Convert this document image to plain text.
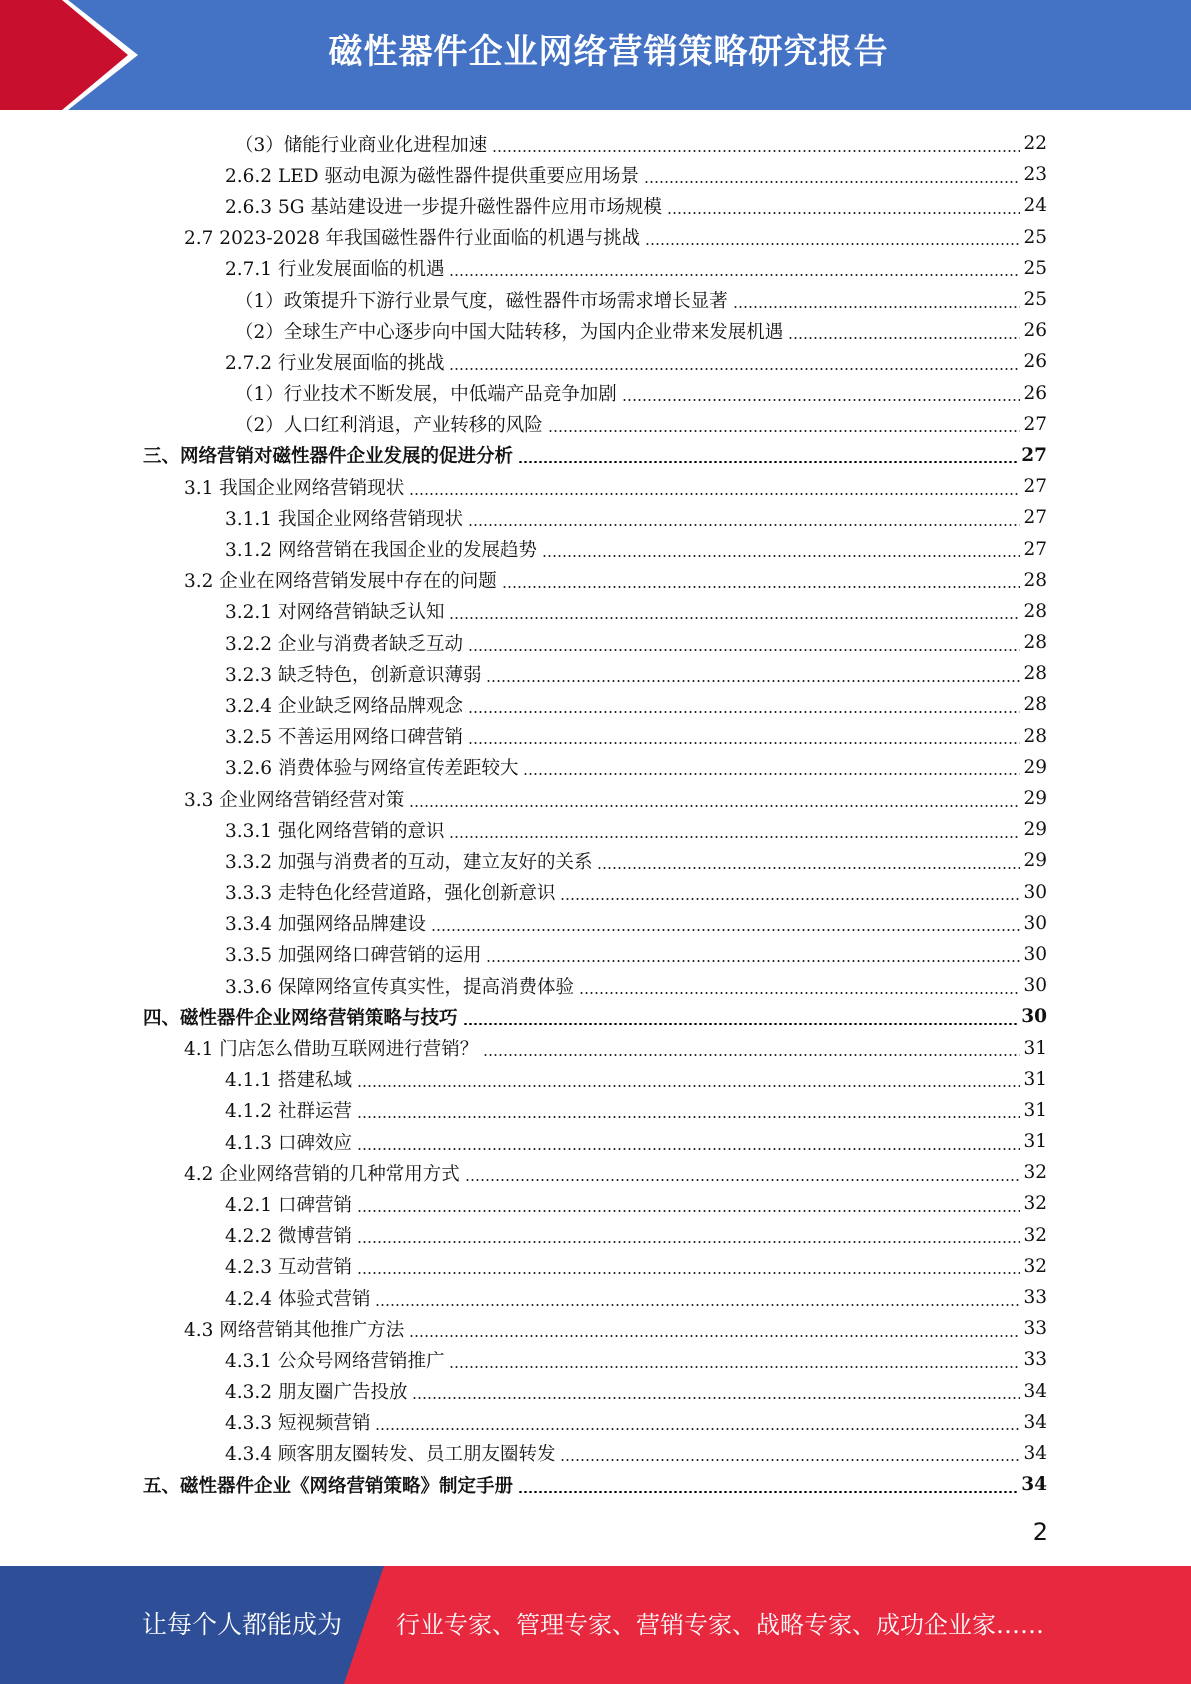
磁性器件企业网络营销策略研究报告
（3）储能行业商业化进程加速	22
2.6.2 LED 驱动电源为磁性器件提供重要应用场景	23
2.6.3 5G 基站建设进一步提升磁性器件应用市场规模	24
2.7 2023-2028 年我国磁性器件行业面临的机遇与挑战	25
2.7.1 行业发展面临的机遇	25
（1）政策提升下游行业景气度，磁性器件市场需求增长显著	25
（2）全球生产中心逐步向中国大陆转移，为国内企业带来发展机遇	26
2.7.2 行业发展面临的挑战	26
（1）行业技术不断发展，中低端产品竞争加剧	26
（2）人口红利消退，产业转移的风险	27
三、网络营销对磁性器件企业发展的促进分析	27
3.1 我国企业网络营销现状	27
3.1.1 我国企业网络营销现状	27
3.1.2 网络营销在我国企业的发展趋势	27
3.2 企业在网络营销发展中存在的问题	28
3.2.1 对网络营销缺乏认知	28
3.2.2 企业与消费者缺乏互动	28
3.2.3 缺乏特色，创新意识薄弱	28
3.2.4 企业缺乏网络品牌观念	28
3.2.5 不善运用网络口碑营销	28
3.2.6 消费体验与网络宣传差距较大	29
3.3 企业网络营销经营对策	29
3.3.1 强化网络营销的意识	29
3.3.2 加强与消费者的互动，建立友好的关系	29
3.3.3 走特色化经营道路，强化创新意识	30
3.3.4 加强网络品牌建设	30
3.3.5 加强网络口碑营销的运用	30
3.3.6 保障网络宣传真实性，提高消费体验	30
四、磁性器件企业网络营销策略与技巧	30
4.1 门店怎么借助互联网进行营销？	31
4.1.1 搭建私域	31
4.1.2 社群运营	31
4.1.3 口碑效应	31
4.2 企业网络营销的几种常用方式	32
4.2.1 口碑营销	32
4.2.2 微博营销	32
4.2.3 互动营销	32
4.2.4 体验式营销	33
4.3 网络营销其他推广方法	33
4.3.1 公众号网络营销推广	33
4.3.2 朋友圈广告投放	34
4.3.3 短视频营销	34
4.3.4 顾客朋友圈转发、员工朋友圈转发	34
五、磁性器件企业《网络营销策略》制定手册	34
2
让每个人都能成为 行业专家、管理专家、营销专家、战略专家、成功企业家……
